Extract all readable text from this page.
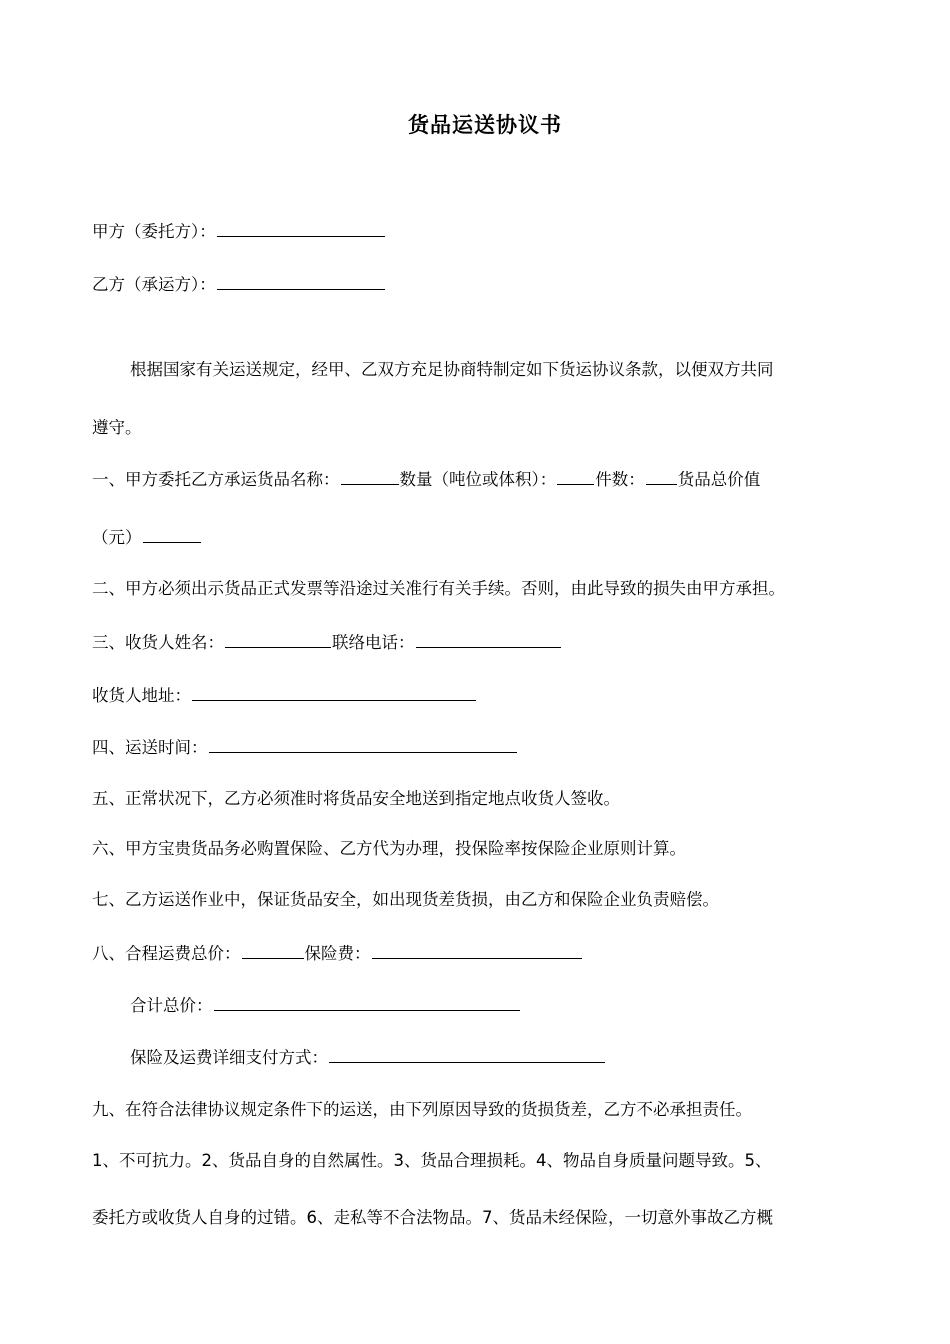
货品运送协议书
甲方（委托方）：
乙方（承运方）：
根据国家有关运送规定，经甲、乙双方充足协商特制定如下货运协议条款，以便双方共同
遵守。
一、甲方委托乙方承运货品名称：	数量（吨位或体积）： 件数： 货品总价值
（元）
二、甲方必须出示货品正式发票等沿途过关准行有关手续。否则，由此导致的损失由甲方承担。
三、收货人姓名：	联络电话：
收货人地址：
四、运送时间：
五、正常状况下，乙方必须准时将货品安全地送到指定地点收货人签收。
六、甲方宝贵货品务必购置保险、乙方代为办理，投保险率按保险企业原则计算。
七、乙方运送作业中，保证货品安全，如出现货差货损，由乙方和保险企业负责赔偿。
八、合程运费总价：	保险费：
合计总价：
保险及运费详细支付方式：
九、在符合法律协议规定条件下的运送，由下列原因导致的货损货差，乙方不必承担责任。
1、不可抗力。2、货品自身的自然属性。3、货品合理损耗。4、物品自身质量问题导致。5、
委托方或收货人自身的过错。6、走私等不合法物品。7、货品未经保险，一切意外事故乙方概
